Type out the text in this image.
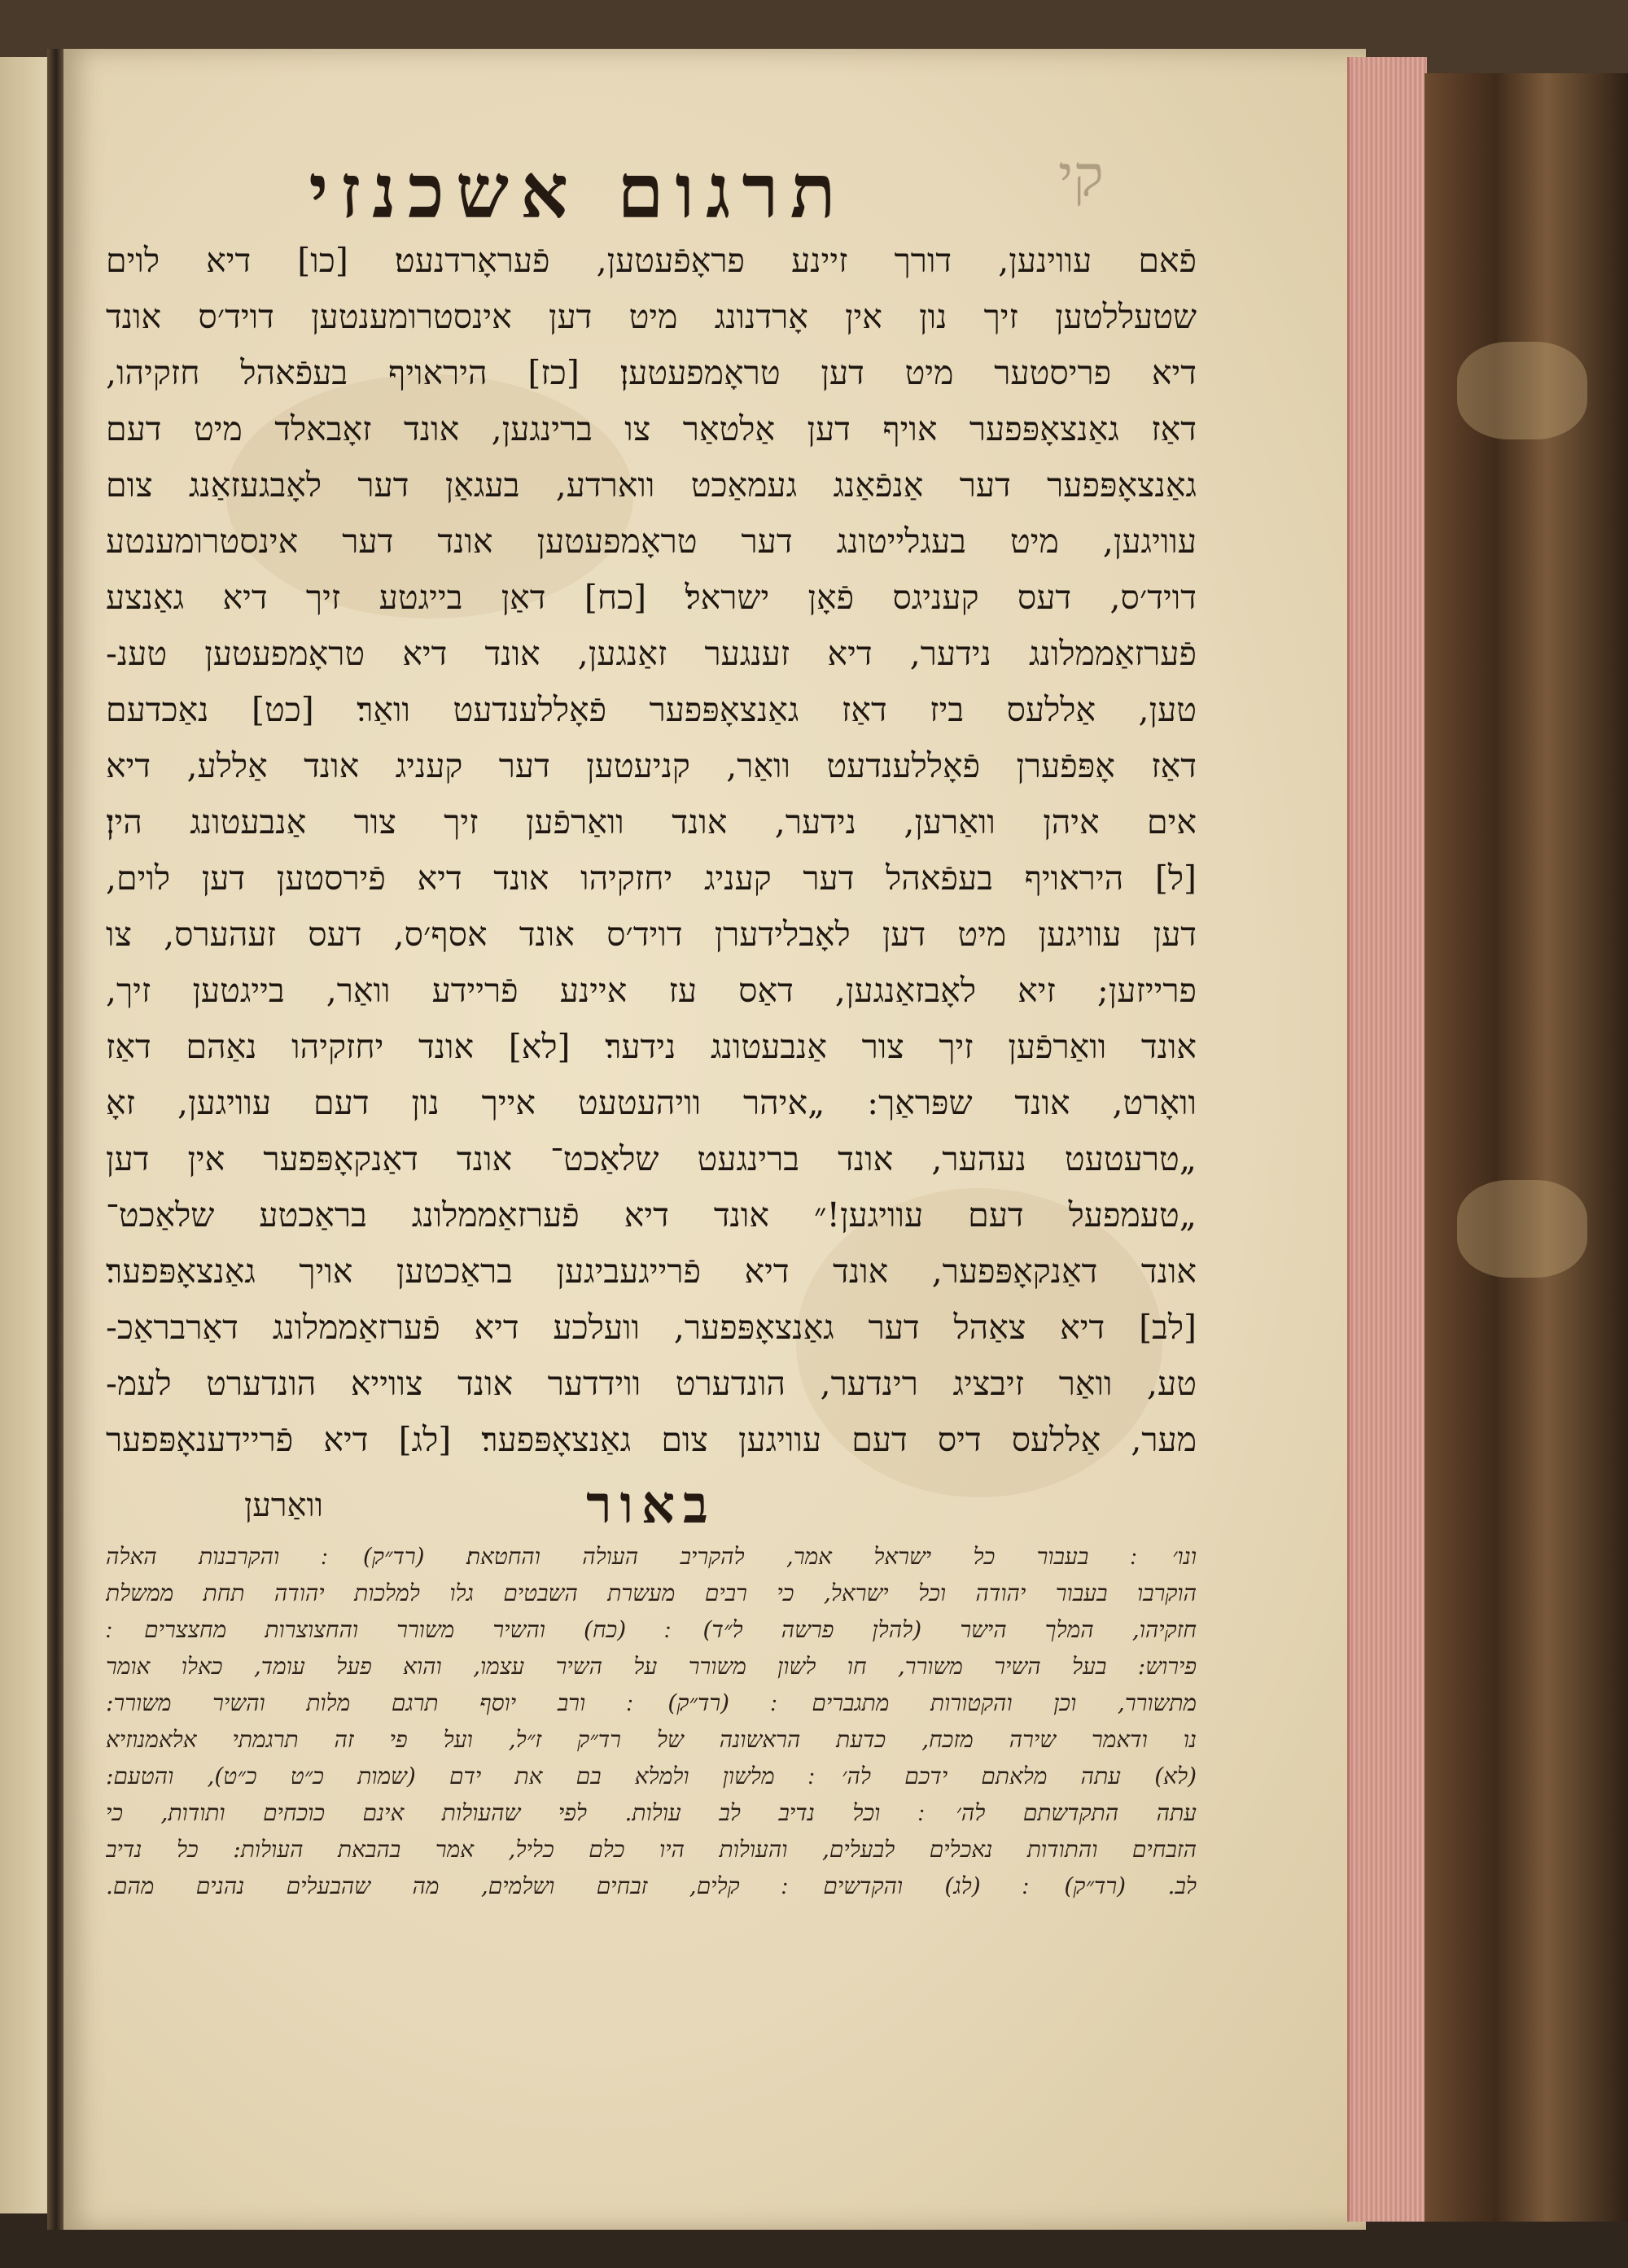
תרגום אשכנזי	קי
פֿאם עווינען, דורך זיינע פראָפֿעטען, פֿעראָרדנעט׃ [כו] דיא לוים
שטעללטען זיך נון אין אָרדנונג מיט דען אינסטרומענטען דויד׳ס אונד
דיא פריסטער מיט דען טראָמפעטען׃ [כז] היראויף בעפֿאהל חזקיהו,
דאַז גאַנצאָפּפער אויף דען אַלטאַר צו ברינגען, אונד זאָבאלד מיט דעם
גאַנצאָפּפער דער אַנפֿאַנג געמאַכט ווארדע, בעגאַן דער לאָבגעזאַנג צום
עוויגען, מיט בעגלייטונג דער טראָמפעטען אונד דער אינסטרומענטע
דויד׳ס, דעס קעניגס פֿאָן ישראל׃ [כח] דאַן בייגטע זיך דיא גאַנצע
פֿערזאַממלונג נידער, דיא זענגער זאַנגען, אונד דיא טראָמפעטען טענ-
טען, אַללעס ביז דאַז גאַנצאָפּפער פֿאָללענדעט וואַר׃ [כט] נאַכדעם
דאַז אָפּפֿערן פֿאָללענדעט וואַר, קניעטען דער קעניג אונד אַללע, דיא
אים איהן וואַרען, נידער, אונד וואַרפֿען זיך צור אַנבעטונג הין׃
[ל] היראויף בעפֿאהל דער קעניג יחזקיהו אונד דיא פֿירסטען דען לוים,
דען עוויגען מיט דען לאָבלידערן דויד׳ס אונד אסף׳ס, דעס זעהערס, צו
פרייזען; זיא לאָבזאַנגען, דאַס עז איינע פֿריידע וואַר, בייגטען זיך,
אונד וואַרפֿען זיך צור אַנבעטונג נידער׃ [לא] אונד יחזקיהו נאַהם דאַז
וואָרט, אונד שפּראַך: „איהר וויהעטעט אייך נון דעם עוויגען, זאָ
„טרעטעט נעהער, אונד ברינגעט שלאַכט־ אונד דאַנקאָפּפער אין דען
„טעמפעל דעם עוויגען!״ אונד דיא פֿערזאַממלונג בראַכטע שלאַכט־
אונד דאַנקאָפּפער, אונד דיא פֿרייגעביגען בראַכטען אויך גאַנצאָפּפער׃
[לב] דיא צאַהל דער גאַנצאָפּפער, וועלכע דיא פֿערזאַממלונג דאַרבראַכ-
טע, וואַר זיבציג רינדער, הונדערט ווידדער אונד צווייא הונדערט לעמ-
מער, אַללעס דיס דעם עוויגען צום גאַנצאָפּפער׃ [לג] דיא פֿריידענאָפּפער
באור
וואַרען
ונו׳ ׃ בעבור כל ישראל אמר, להקריב העולה והחטאת׃ (רד״ק) ׃ והקרבנות האלה
הוקרבו בעבור יהודה וכל ישראל, כי רבים מעשרת השבטים גלו למלכות יהודה תחת ממשלת
חזקיהו, המלך הישר (להלן פרשה ל״ד) ׃ (כח) והשיר משורר והחצוצרות מחצצרים ׃
פירוש: בעל השיר משורר, חו לשון משורר על השיר עצמו, והוא פעל עומד, כאלו אומר
מתשורר, וכן והקטורות מתגברים ׃ (רד״ק) ׃ ורב יוסף תרגם מלות והשיר משורר:
נו ודאמר שירה מזכח, כדעת הראשונה של רד״ק ז״ל, ועל פי זה תרגמתי אלאמנוזיא
(לא) עתה מלאתם ידכם לה׳ ׃ מלשון ולמלא בם את ידם (שמות כ״ט כ״ט), והטעם:
עתה התקדשתם לה׳ ׃ וכל נדיב לב עולות. לפי שהעולות אינם כוכחים ותודות, כי
הזבחים והתודות נאכלים לבעלים, והעולות היו כלם כליל, אמר בהבאת העולות: כל נדיב
לב. (רד״ק) ׃ (לג) והקדשים ׃ קלים, זבחים ושלמים, מה שהבעלים נהנים מהם.
